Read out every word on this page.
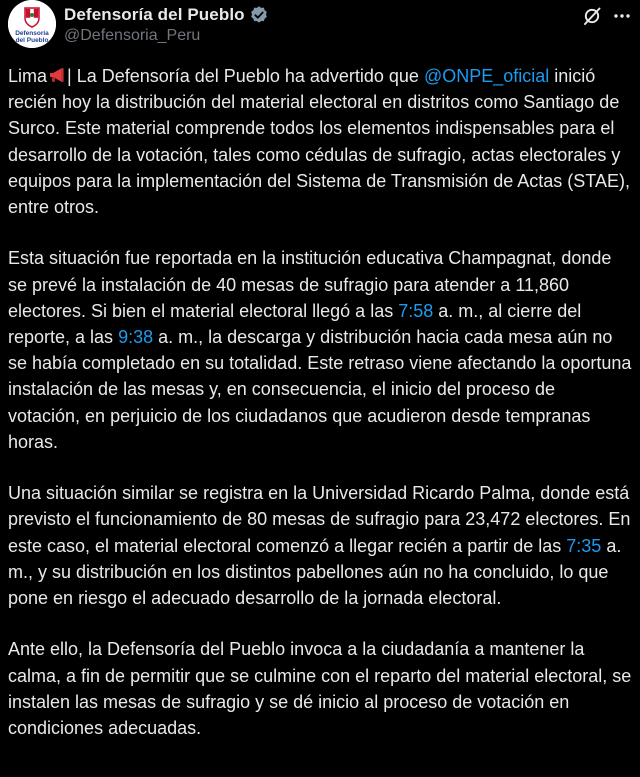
Defensoría
del Pueblo
Defensoría del Pueblo
@Defensoria_Peru

Lima | La Defensoría del Pueblo ha advertido que @ONPE_oficial inició recién hoy la distribución del material electoral en distritos como Santiago de Surco. Este material comprende todos los elementos indispensables para el desarrollo de la votación, tales como cédulas de sufragio, actas electorales y equipos para la implementación del Sistema de Transmisión de Actas (STAE), entre otros.

Esta situación fue reportada en la institución educativa Champagnat, donde se prevé la instalación de 40 mesas de sufragio para atender a 11,860 electores. Si bien el material electoral llegó a las 7:58 a. m., al cierre del reporte, a las 9:38 a. m., la descarga y distribución hacia cada mesa aún no se había completado en su totalidad. Este retraso viene afectando la oportuna instalación de las mesas y, en consecuencia, el inicio del proceso de votación, en perjuicio de los ciudadanos que acudieron desde tempranas horas.

Una situación similar se registra en la Universidad Ricardo Palma, donde está previsto el funcionamiento de 80 mesas de sufragio para 23,472 electores. En este caso, el material electoral comenzó a llegar recién a partir de las 7:35 a. m., y su distribución en los distintos pabellones aún no ha concluido, lo que pone en riesgo el adecuado desarrollo de la jornada electoral.

Ante ello, la Defensoría del Pueblo invoca a la ciudadanía a mantener la calma, a fin de permitir que se culmine con el reparto del material electoral, se instalen las mesas de sufragio y se dé inicio al proceso de votación en condiciones adecuadas.
